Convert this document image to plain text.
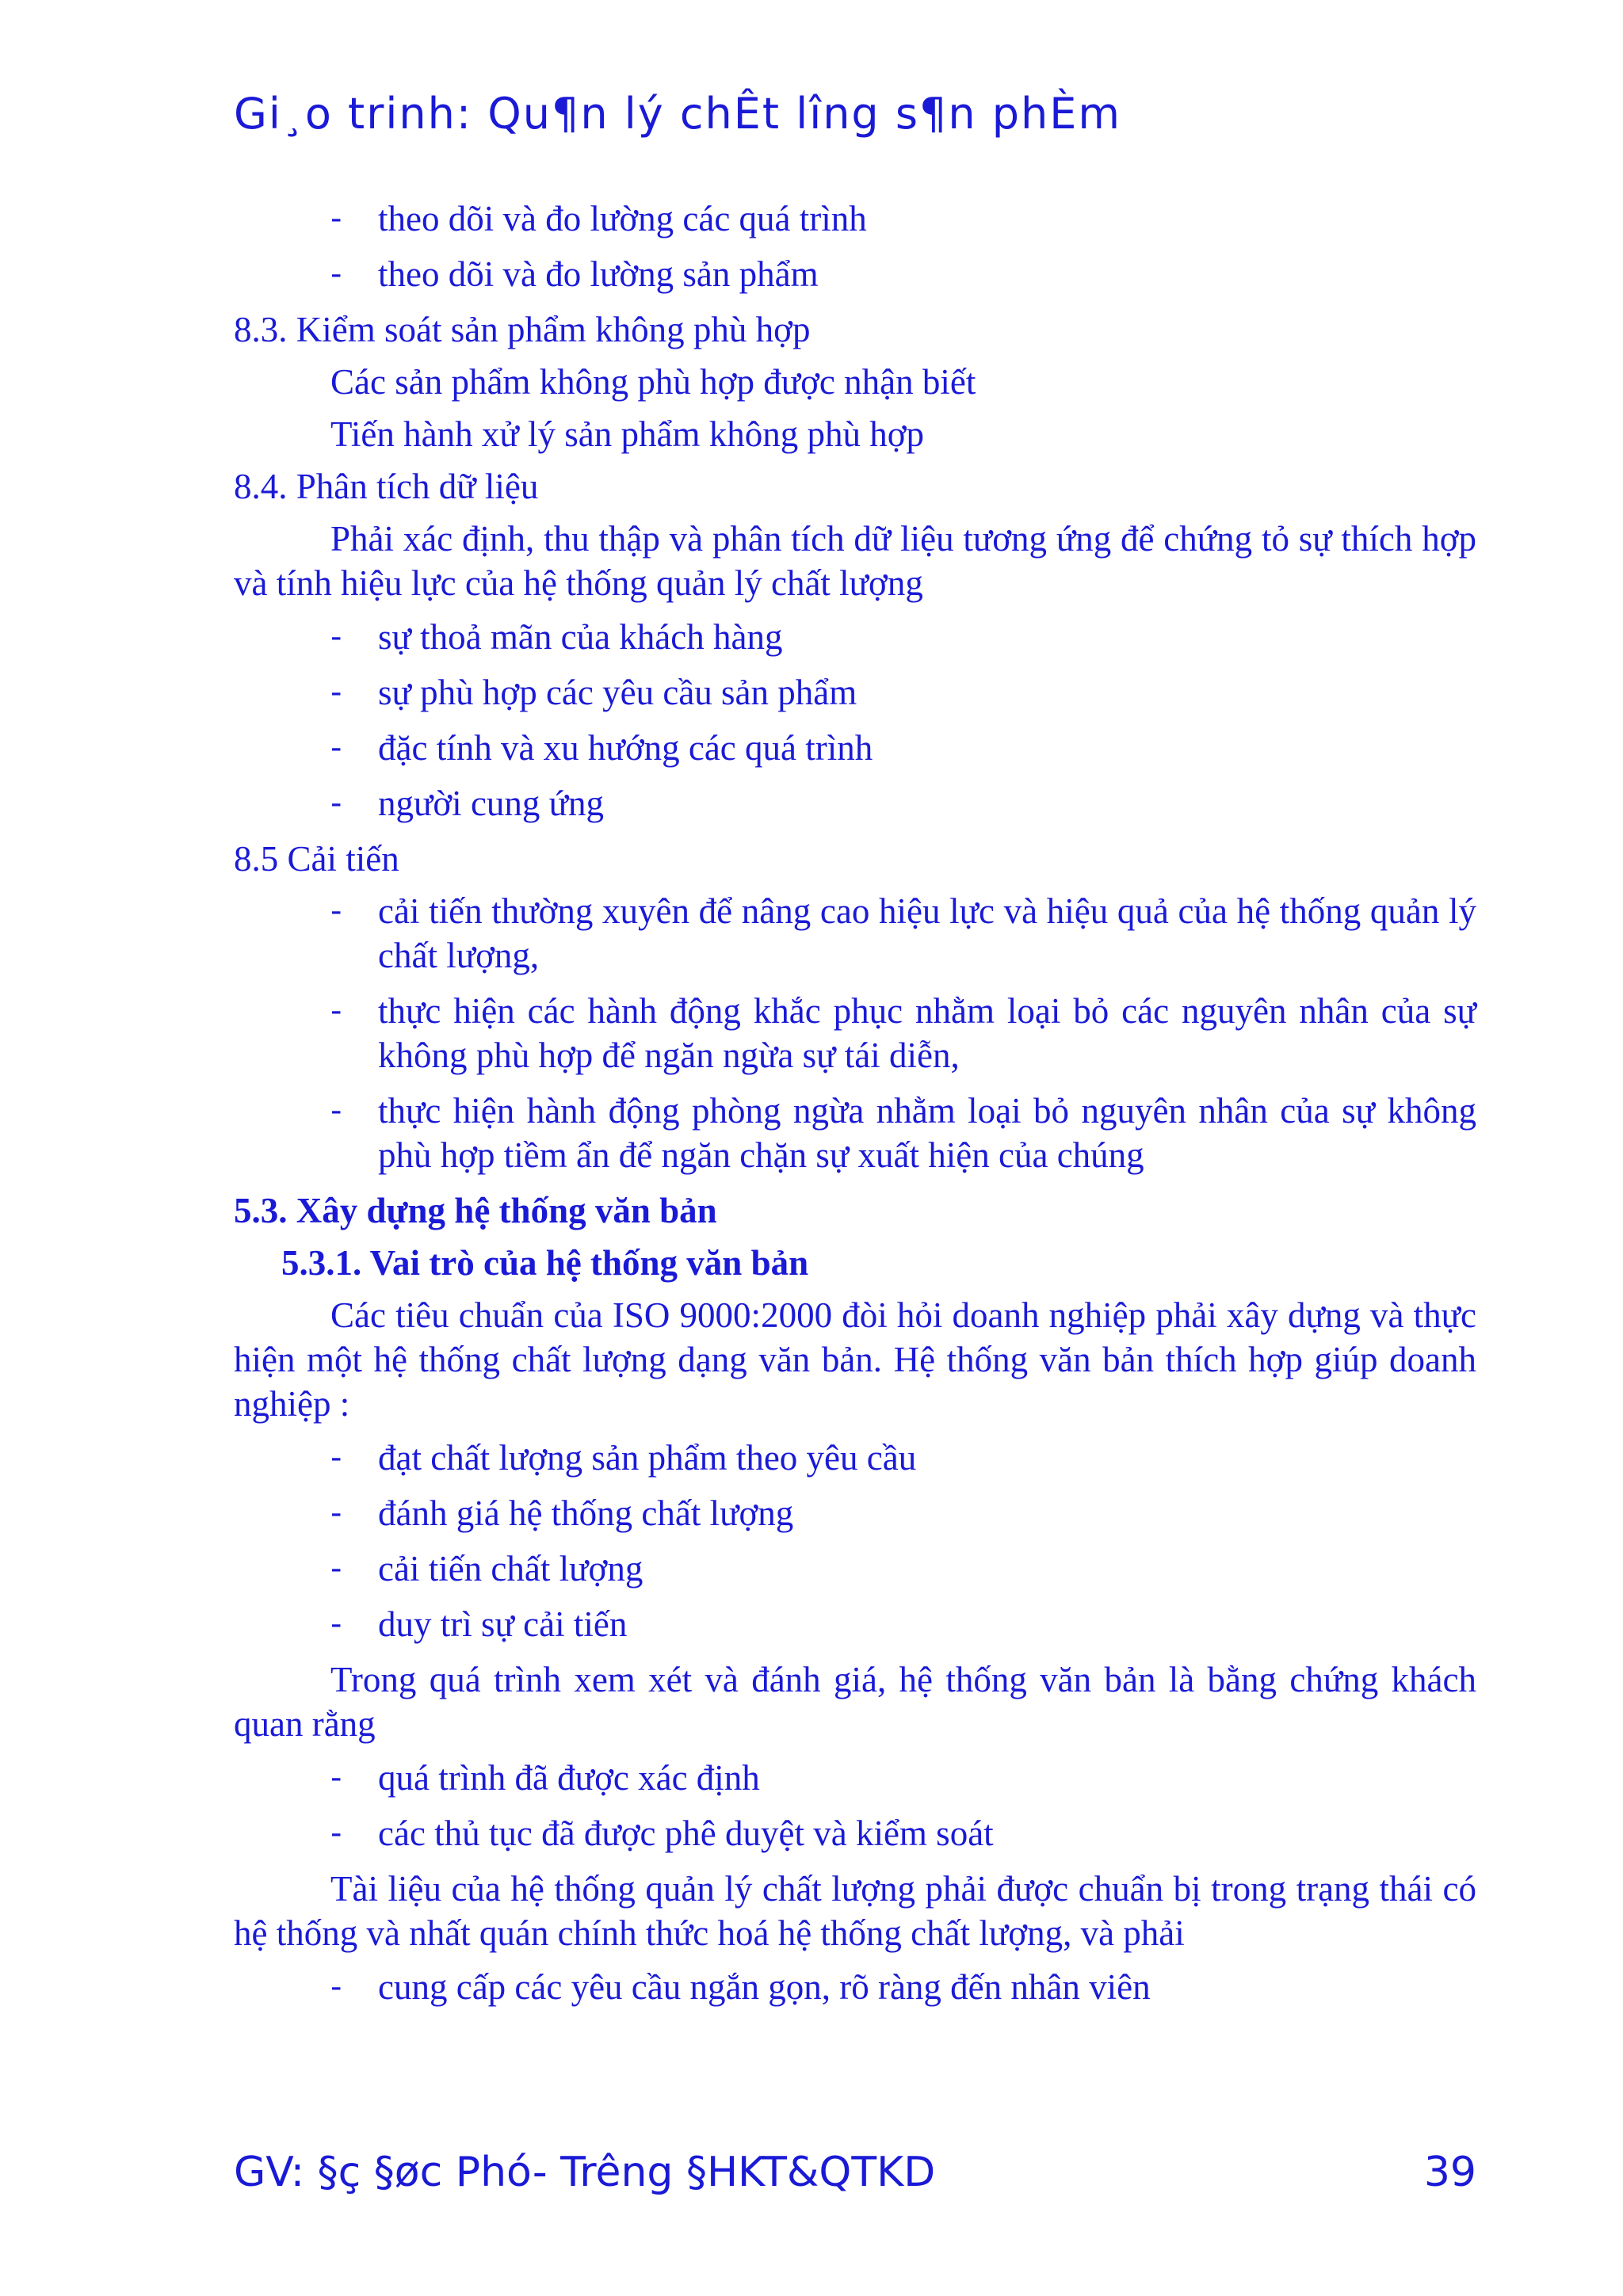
Gi¸o trinh: Qu¶n lý chÊt lîng s¶n phÈm
-	theo dõi và đo lường các quá trình
-	theo dõi và đo lường sản phẩm
8.3. Kiểm soát sản phẩm không phù hợp
Các sản phẩm không phù hợp được nhận biết
Tiến hành xử lý sản phẩm không phù hợp
8.4. Phân tích dữ liệu
Phải xác định, thu thập và phân tích dữ liệu tương ứng để chứng tỏ sự thích hợp và tính hiệu lực của hệ thống quản lý chất lượng
-	sự thoả mãn của khách hàng
-	sự phù hợp các yêu cầu sản phẩm
-	đặc tính và xu hướng các quá trình
-	người cung ứng
8.5 Cải tiến
-	cải tiến thường xuyên để nâng cao hiệu lực và hiệu quả của hệ thống quản lý chất lượng,
-	thực hiện các hành động khắc phục nhằm loại bỏ các nguyên nhân của sự không phù hợp để ngăn ngừa sự tái diễn,
-	thực hiện hành động phòng ngừa nhằm loại bỏ nguyên nhân của sự không phù hợp tiềm ẩn để ngăn chặn sự xuất hiện của chúng
5.3. Xây dựng hệ thống văn bản
5.3.1. Vai trò của hệ thống văn bản
Các tiêu chuẩn của ISO 9000:2000 đòi hỏi doanh nghiệp phải xây dựng và thực hiện một hệ thống chất lượng dạng văn bản. Hệ thống văn bản thích hợp giúp doanh nghiệp :
-	đạt chất lượng sản phẩm theo yêu cầu
-	đánh giá hệ thống chất lượng
-	cải tiến chất lượng
-	duy trì sự cải tiến
Trong quá trình xem xét và đánh giá, hệ thống văn bản là bằng chứng khách quan rằng
-	quá trình đã được xác định
-	các thủ tục đã được phê duyệt và kiểm soát
Tài liệu của hệ thống quản lý chất lượng phải được chuẩn bị trong trạng thái có hệ thống và nhất quán chính thức hoá hệ thống chất lượng, và phải
-	cung cấp các yêu cầu ngắn gọn, rõ ràng đến nhân viên
GV: §ç §øc Phó- Trêng §HKT&QTKD	39
